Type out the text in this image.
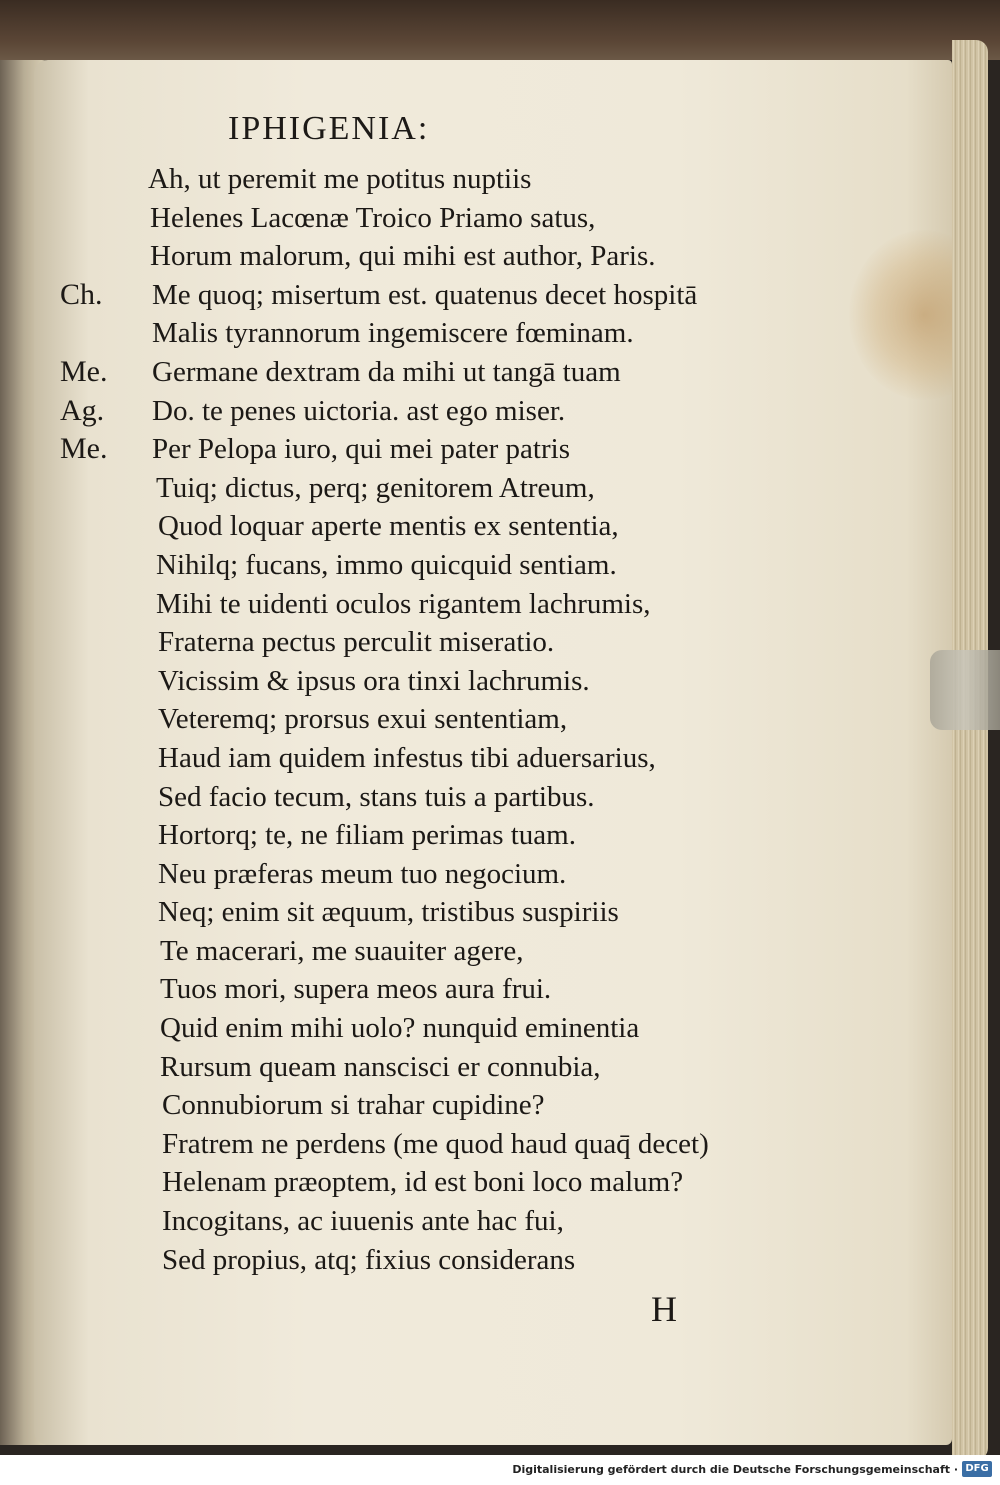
IPHIGENIA:
Ah, ut peremit me potitus nuptiis
Helenes Lacœnæ Troico Priamo satus,
Horum malorum, qui mihi est author, Paris.
Ch.	Me quoq; misertum est. quatenus decet hospitā
Malis tyrannorum ingemiscere fœminam.
Me.	Germane dextram da mihi ut tangā tuam
Ag.	Do. te penes uictoria. ast ego miser.
Me.	Per Pelopa iuro, qui mei pater patris
Tuiq; dictus, perq; genitorem Atreum,
Quod loquar aperte mentis ex sententia,
Nihilq; fucans, immo quicquid sentiam.
Mihi te uidenti oculos rigantem lachrumis,
Fraterna pectus perculit miseratio.
Vicissim & ipsus ora tinxi lachrumis.
Veteremq; prorsus exui sententiam,
Haud iam quidem infestus tibi aduersarius,
Sed facio tecum, stans tuis a partibus.
Hortorq; te, ne filiam perimas tuam.
Neu præferas meum tuo negocium.
Neq; enim sit æquum, tristibus suspiriis
Te macerari, me suauiter agere,
Tuos mori, supera meos aura frui.
Quid enim mihi uolo? nunquid eminentia
Rursum queam nanscisci er connubia,
Connubiorum si trahar cupidine?
Fratrem ne perdens (me quod haud quaq̄ decet)
Helenam præoptem, id est boni loco malum?
Incogitans, ac iuuenis ante hac fui,
Sed propius, atq; fixius considerans
H
Digitalisierung gefördert durch die Deutsche Forschungsgemeinschaft · DFG
